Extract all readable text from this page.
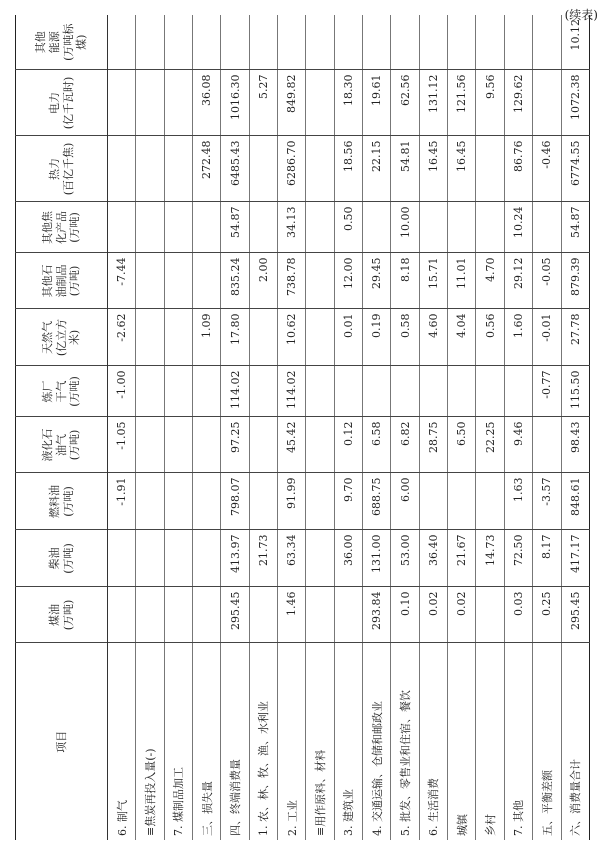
(续表)
项目	煤油 (万吨)	柴油 (万吨)	燃料油 (万吨)	液化石 油气 (万吨)	炼厂 干气 (万吨)	天然气 (亿立方米)	其他石 油制品 (万吨)	其他焦 化产品 (万吨)	热力 (百亿千焦)	电力 (亿千瓦时)	其他 能源 (万吨标煤)

6. 制气			-1.91	-1.05	-1.00	-2.62	-7.44				
≡焦炭再投入量(-)											
7. 煤制品加工											
三、损失量						1.09			272.48	36.08	
四、终端消费量	295.45	413.97	798.07	97.25	114.02	17.80	835.24	54.87	6485.43	1016.30	
1. 农、林、牧、渔、水利业		21.73					2.00			5.27	
2. 工业	1.46	63.34	91.99	45.42	114.02	10.62	738.78	34.13	6286.70	849.82	
≡用作原料、材料											
3. 建筑业		36.00	9.70	0.12		0.01	12.00	0.50	18.56	18.30	
4. 交通运输、仓储和邮政业	293.84	131.00	688.75	6.58		0.19	29.45		22.15	19.61	
5. 批发、零售业和住宿、餐饮	0.10	53.00	6.00	6.82		0.58	8.18	10.00	54.81	62.56	
6. 生活消费	0.02	36.40		28.75		4.60	15.71		16.45	131.12	
城镇	0.02	21.67		6.50		4.04	11.01		16.45	121.56	
乡村		14.73		22.25		0.56	4.70			9.56	
7. 其他	0.03	72.50	1.63	9.46		1.60	29.12	10.24	86.76	129.62	
五、平衡差额	0.25	8.17	-3.57		-0.77	-0.01	-0.05		-0.46		
六、消费量合计	295.45	417.17	848.61	98.43	115.50	27.78	879.39	54.87	6774.55	1072.38	10.12
